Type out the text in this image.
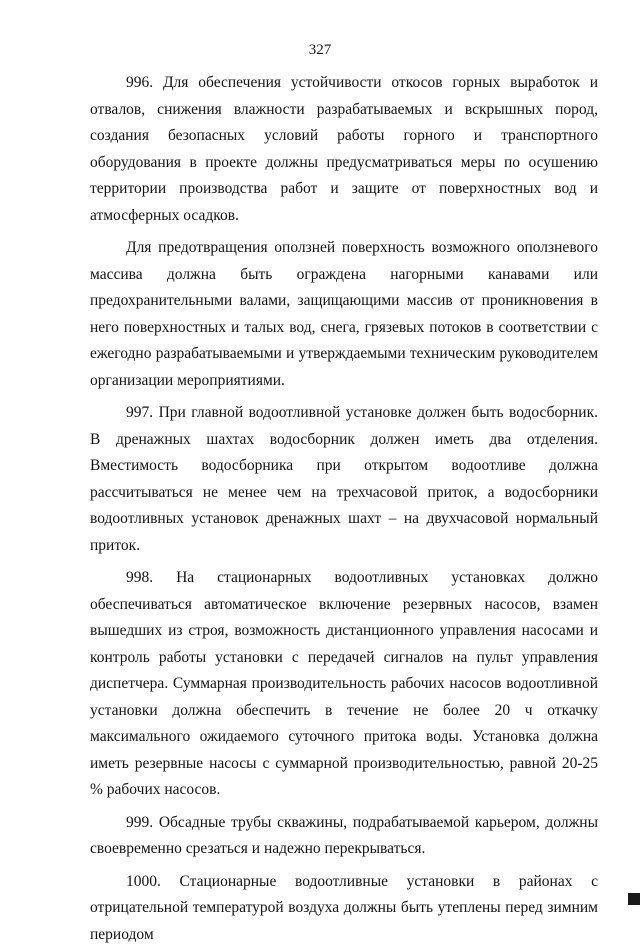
327

996. Для обеспечения устойчивости откосов горных выработок и отвалов, снижения влажности разрабатываемых и вскрышных пород, создания безопасных условий работы горного и транспортного оборудования в проекте должны предусматриваться меры по осушению территории производства работ и защите от поверхностных вод и атмосферных осадков.

Для предотвращения оползней поверхность возможного оползневого массива должна быть ограждена нагорными канавами или предохранительными валами, защищающими массив от проникновения в него поверхностных и талых вод, снега, грязевых потоков в соответствии с ежегодно разрабатываемыми и утверждаемыми техническим руководителем организации мероприятиями.

997. При главной водоотливной установке должен быть водосборник. В дренажных шахтах водосборник должен иметь два отделения. Вместимость водосборника при открытом водоотливе должна рассчитываться не менее чем на трехчасовой приток, а водосборники водоотливных установок дренажных шахт – на двухчасовой нормальный приток.

998. На стационарных водоотливных установках должно обеспечиваться автоматическое включение резервных насосов, взамен вышедших из строя, возможность дистанционного управления насосами и контроль работы установки с передачей сигналов на пульт управления диспетчера. Суммарная производительность рабочих насосов водоотливной установки должна обеспечить в течение не более 20 ч откачку максимального ожидаемого суточного притока воды. Установка должна иметь резервные насосы с суммарной производительностью, равной 20-25 % рабочих насосов.

999. Обсадные трубы скважины, подрабатываемой карьером, должны своевременно срезаться и надежно перекрываться.

1000. Стационарные водоотливные установки в районах с отрицательной температурой воздуха должны быть утеплены перед зимним периодом
